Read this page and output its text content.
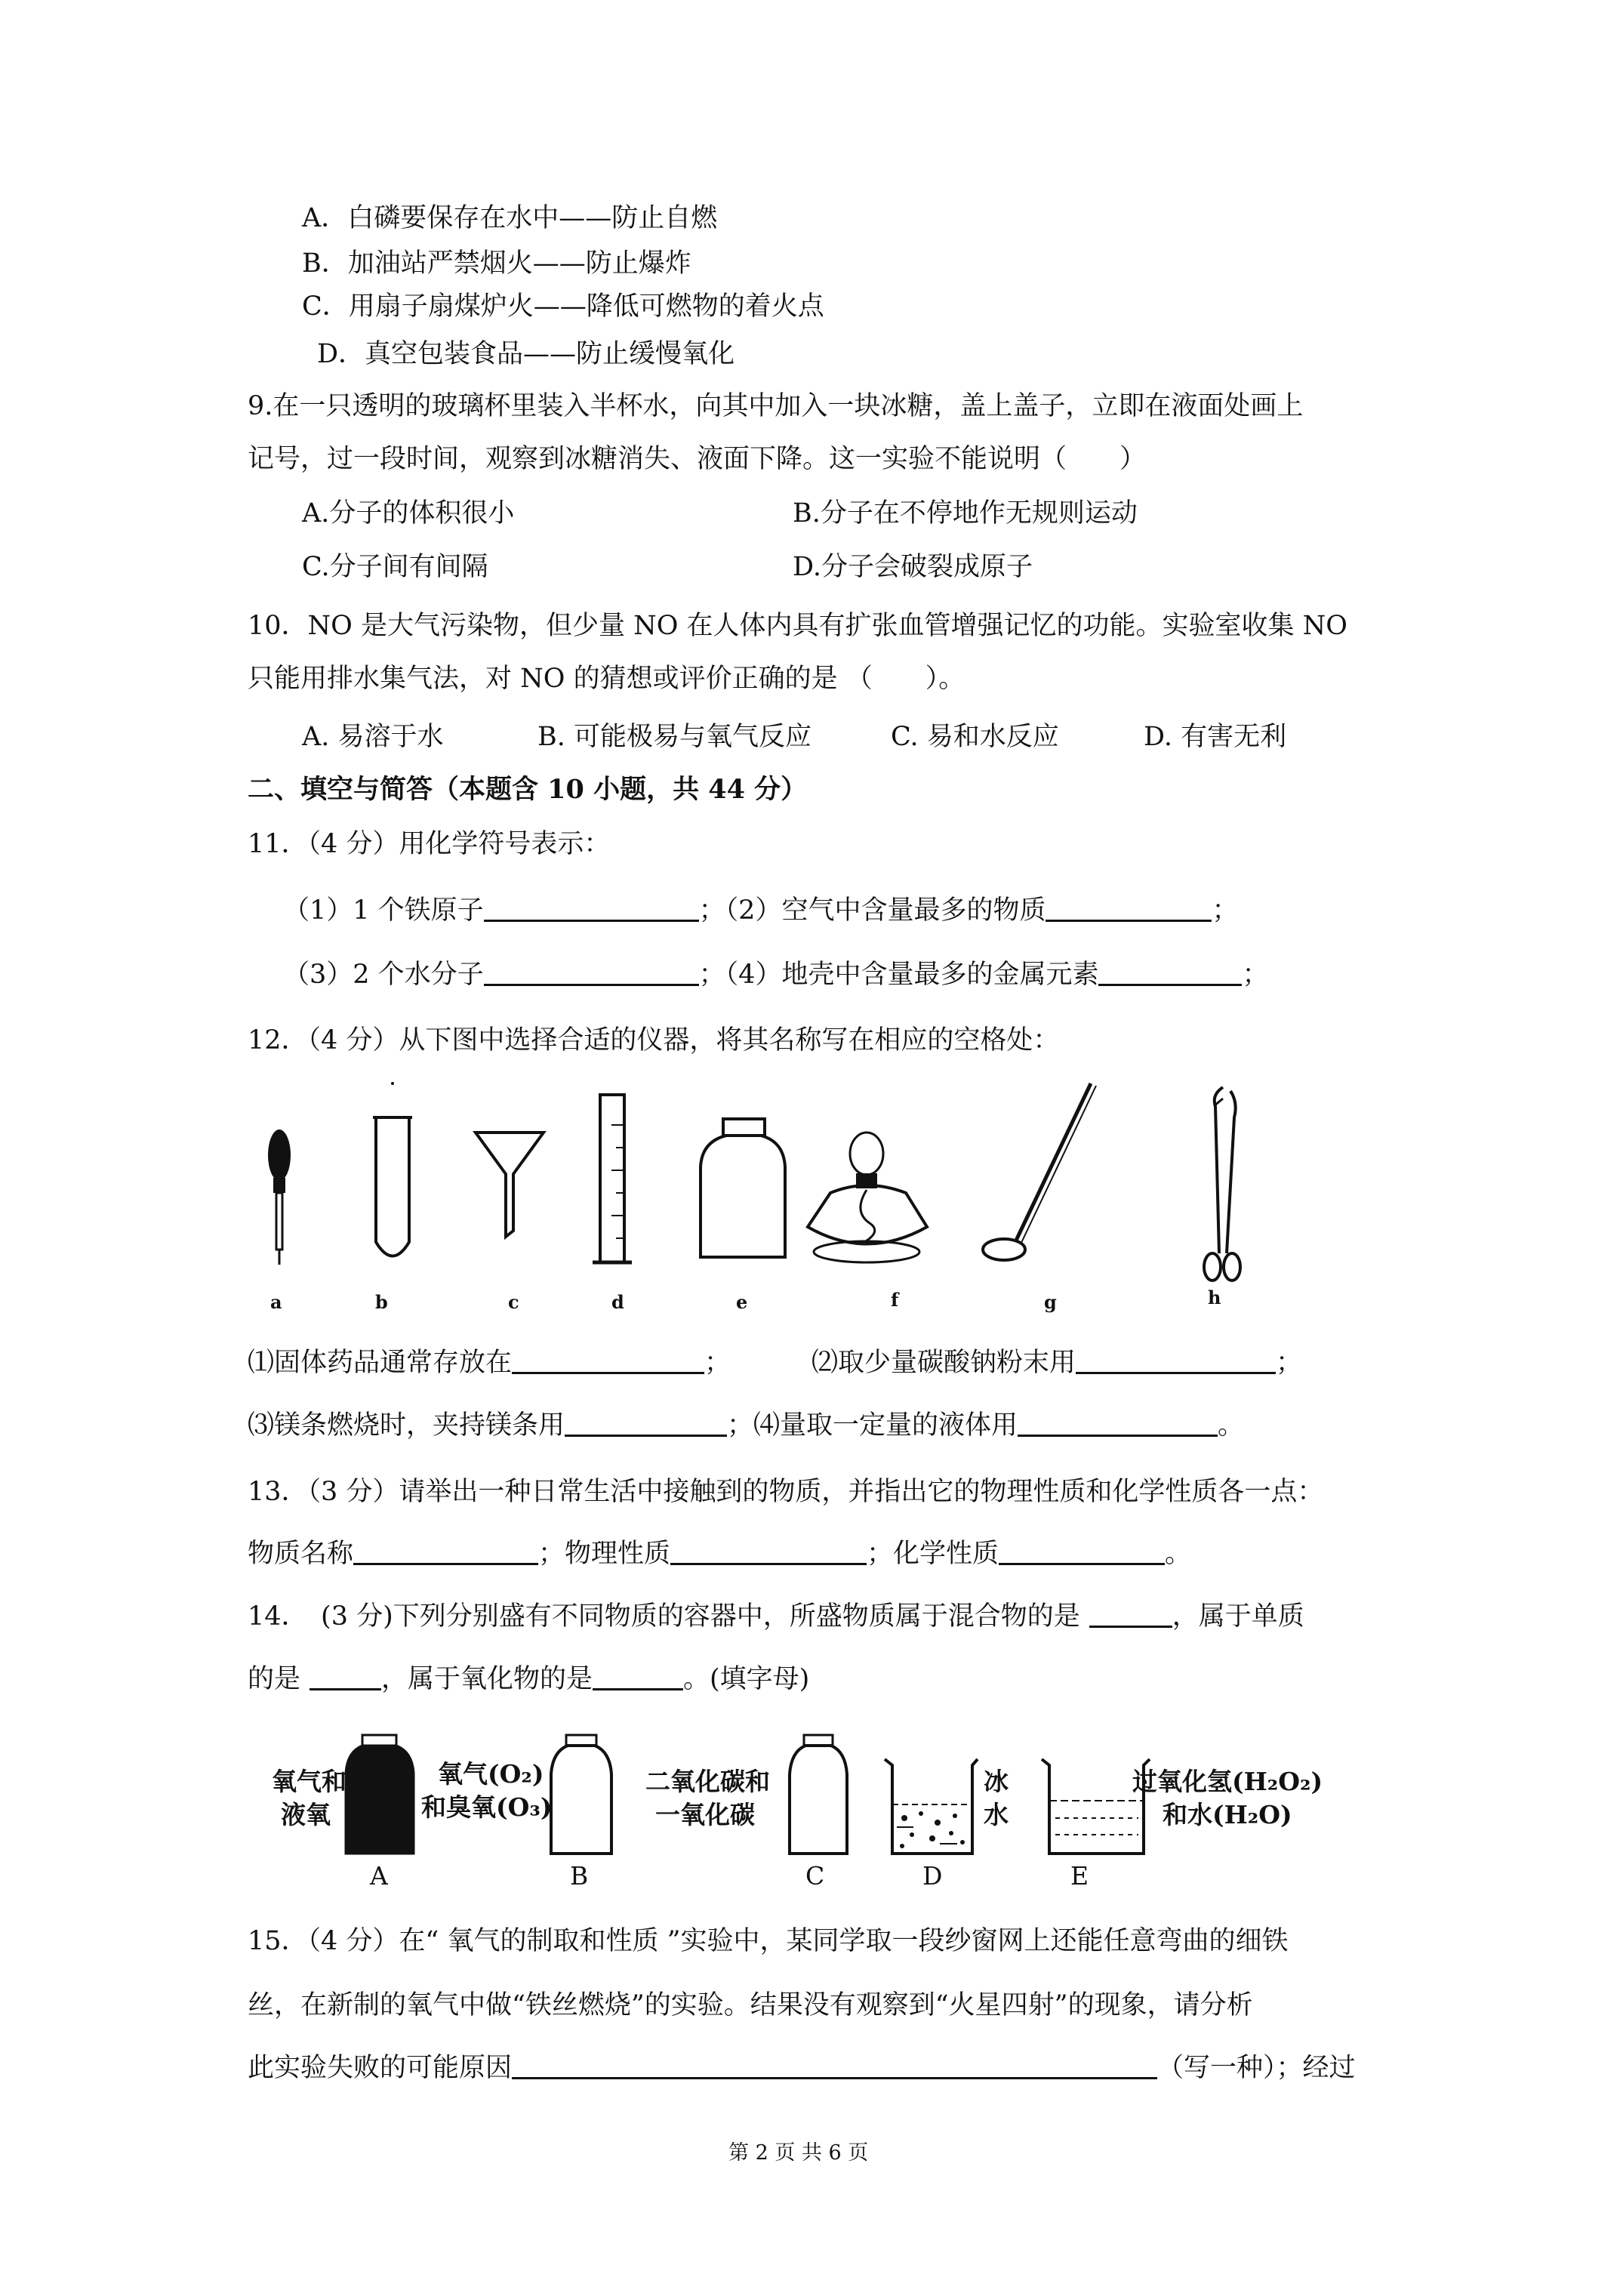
A．白磷要保存在水中——防止自燃
B．加油站严禁烟火——防止爆炸
C．用扇子扇煤炉火——降低可燃物的着火点
D．真空包装食品——防止缓慢氧化
9.在一只透明的玻璃杯里装入半杯水，向其中加入一块冰糖，盖上盖子，立即在液面处画上
记号，过一段时间，观察到冰糖消失、液面下降。这一实验不能说明（　　）
A.分子的体积很小	B.分子在不停地作无规则运动
C.分子间有间隔	D.分子会破裂成原子
10．NO 是大气污染物，但少量 NO 在人体内具有扩张血管增强记忆的功能。实验室收集 NO
只能用排水集气法，对 NO 的猜想或评价正确的是 （　　）。
A. 易溶于水	B. 可能极易与氧气反应	C. 易和水反应	D. 有害无利
二、填空与简答（本题含 10 小题，共 44 分）
11．（4 分）用化学符号表示：
（1）1 个铁原子	；（2）空气中含量最多的物质	；
（3）2 个水分子	；（4）地壳中含量最多的金属元素	；
12．（4 分）从下图中选择合适的仪器，将其名称写在相应的空格处：
a	b	c	d	e	f	g	h
⑴固体药品通常存放在	；	⑵取少量碳酸钠粉末用	；
⑶镁条燃烧时，夹持镁条用	；⑷量取一定量的液体用	。
13．（3 分）请举出一种日常生活中接触到的物质，并指出它的物理性质和化学性质各一点：
物质名称	；物理性质	；化学性质	。
14．　(3 分)下列分别盛有不同物质的容器中，所盛物质属于混合物的是	，属于单质
的是	，属于氧化物的是	。(填字母)
氧气和
液氧
氧气(O₂)
和臭氧(O₃)
二氧化碳和
一氧化碳
冰
水
过氧化氢(H₂O₂)
和水(H₂O)
A	B	C	D	E
15．（4 分）在“ 氧气的制取和性质 ”实验中，某同学取一段纱窗网上还能任意弯曲的细铁
丝，在新制的氧气中做“铁丝燃烧”的实验。结果没有观察到“火星四射”的现象，请分析
此实验失败的可能原因	（写一种）；经过
第 2 页 共 6 页
